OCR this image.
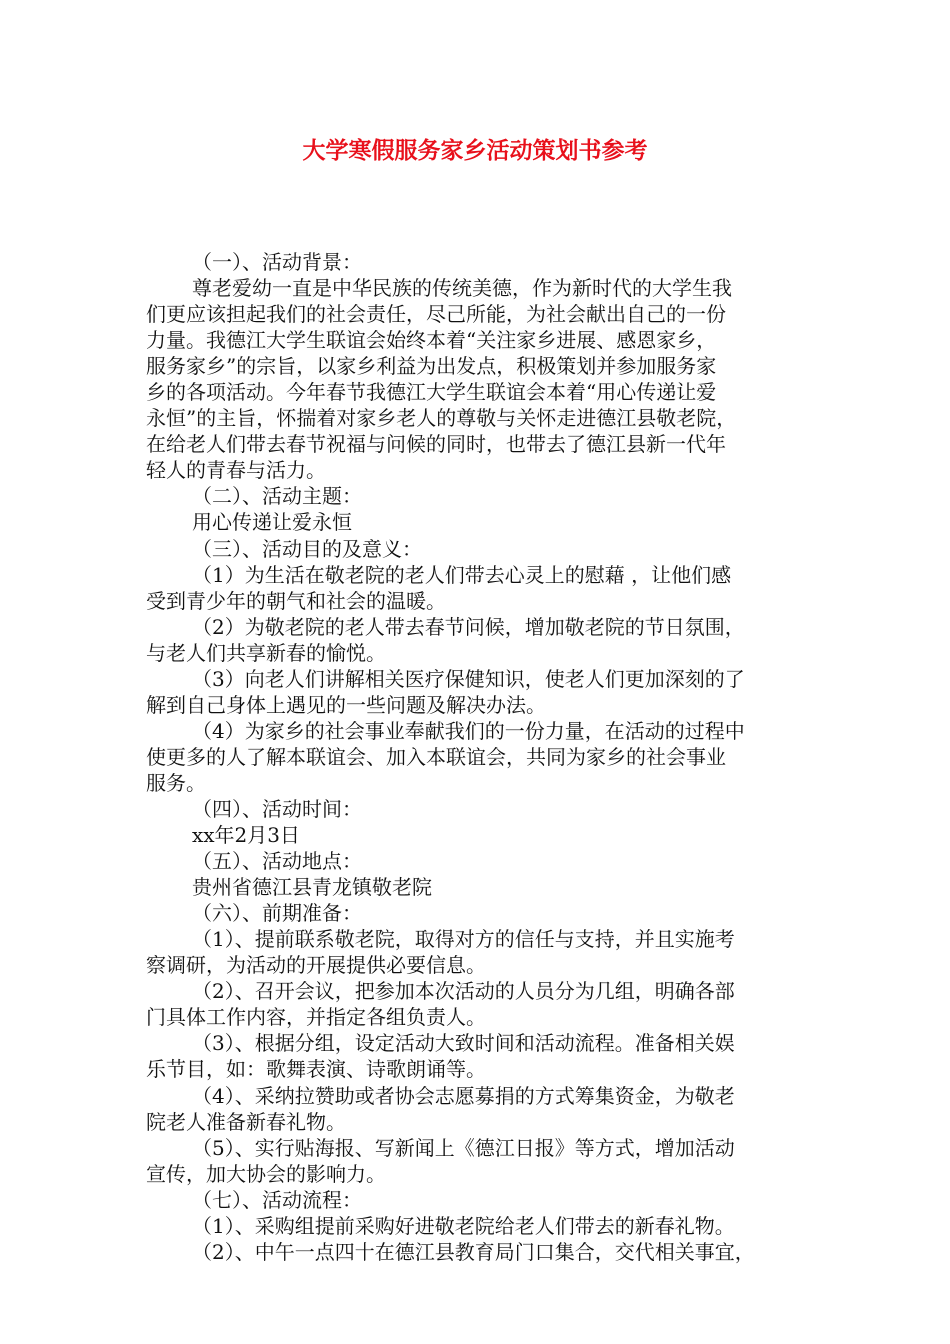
大学寒假服务家乡活动策划书参考
（一）、活动背景：
尊老爱幼一直是中华民族的传统美德，作为新时代的大学生我
们更应该担起我们的社会责任，尽己所能，为社会献出自己的一份
力量。我德江大学生联谊会始终本着“关注家乡进展、感恩家乡，
服务家乡”的宗旨，以家乡利益为出发点，积极策划并参加服务家
乡的各项活动。今年春节我德江大学生联谊会本着“用心传递让爱
永恒”的主旨，怀揣着对家乡老人的尊敬与关怀走进德江县敬老院，
在给老人们带去春节祝福与问候的同时，也带去了德江县新一代年
轻人的青春与活力。
（二）、活动主题：
用心传递让爱永恒
（三）、活动目的及意义：
（1）为生活在敬老院的老人们带去心灵上的慰藉 ，让他们感
受到青少年的朝气和社会的温暖。
（2）为敬老院的老人带去春节问候，增加敬老院的节日氛围，
与老人们共享新春的愉悦。
（3）向老人们讲解相关医疗保健知识，使老人们更加深刻的了
解到自己身体上遇见的一些问题及解决办法。
（4）为家乡的社会事业奉献我们的一份力量，在活动的过程中
使更多的人了解本联谊会、加入本联谊会，共同为家乡的社会事业
服务。
（四）、活动时间：
xx年2月3日
（五）、活动地点：
贵州省德江县青龙镇敬老院
（六）、前期准备：
（1）、提前联系敬老院，取得对方的信任与支持，并且实施考
察调研，为活动的开展提供必要信息。
（2）、召开会议，把参加本次活动的人员分为几组，明确各部
门具体工作内容，并指定各组负责人。
（3）、根据分组，设定活动大致时间和活动流程。准备相关娱
乐节目，如：歌舞表演、诗歌朗诵等。
（4）、采纳拉赞助或者协会志愿募捐的方式筹集资金，为敬老
院老人准备新春礼物。
（5）、实行贴海报、写新闻上《德江日报》等方式，增加活动
宣传，加大协会的影响力。
（七）、活动流程：
（1）、采购组提前采购好进敬老院给老人们带去的新春礼物。
（2）、中午一点四十在德江县教育局门口集合，交代相关事宜，
